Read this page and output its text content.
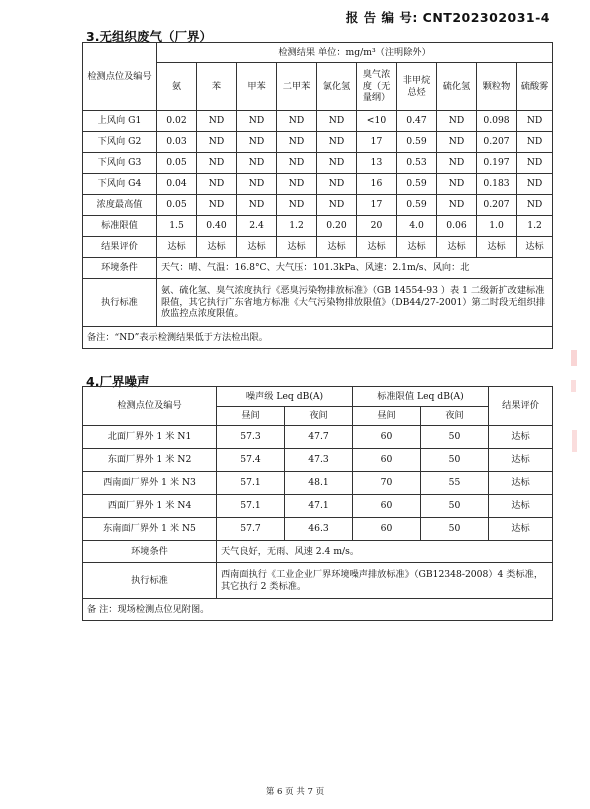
报 告 编 号: CNT202302031-4
3.无组织废气（厂界）
检测点位及编号	检测结果 单位：mg/m³（注明除外）									
	氨	苯	甲苯	二甲苯	氯化氢	臭气浓度（无量纲）	非甲烷总烃	硫化氢	颗粒物	硫酸雾
上风向 G1	0.02	ND	ND	ND	ND	<10	0.47	ND	0.098	ND
下风向 G2	0.03	ND	ND	ND	ND	17	0.59	ND	0.207	ND
下风向 G3	0.05	ND	ND	ND	ND	13	0.53	ND	0.197	ND
下风向 G4	0.04	ND	ND	ND	ND	16	0.59	ND	0.183	ND
浓度最高值	0.05	ND	ND	ND	ND	17	0.59	ND	0.207	ND
标准限值	1.5	0.40	2.4	1.2	0.20	20	4.0	0.06	1.0	1.2
结果评价	达标	达标	达标	达标	达标	达标	达标	达标	达标	达标
环境条件	天气：晴、气温：16.8°C、大气压：101.3kPa、风速：2.1m/s、风向：北									
执行标准	氨、硫化氢、臭气浓度执行《恶臭污染物排放标准》（GB 14554-93 ）表 1 二级新扩改建标准限值，其它执行广东省地方标准《大气污染物排放限值》（DB44/27-2001）第二时段无组织排放监控点浓度限值。									
备注：“ND”表示检测结果低于方法检出限。										
4.厂界噪声
检测点位及编号	噪声级 Leq dB(A)		标准限值 Leq dB(A)		结果评价
	昼间	夜间	昼间	夜间	
北面厂界外 1 米 N1	57.3	47.7	60	50	达标
东面厂界外 1 米 N2	57.4	47.3	60	50	达标
西南面厂界外 1 米 N3	57.1	48.1	70	55	达标
西面厂界外 1 米 N4	57.1	47.1	60	50	达标
东南面厂界外 1 米 N5	57.7	46.3	60	50	达标
环境条件	天气良好，无雨、风速 2.4 m/s。				
执行标准	西南面执行《工业企业厂界环境噪声排放标准》（GB12348-2008）4 类标准，其它执行 2 类标准。				
备 注：现场检测点位见附图。					
第 6 页 共 7 页
